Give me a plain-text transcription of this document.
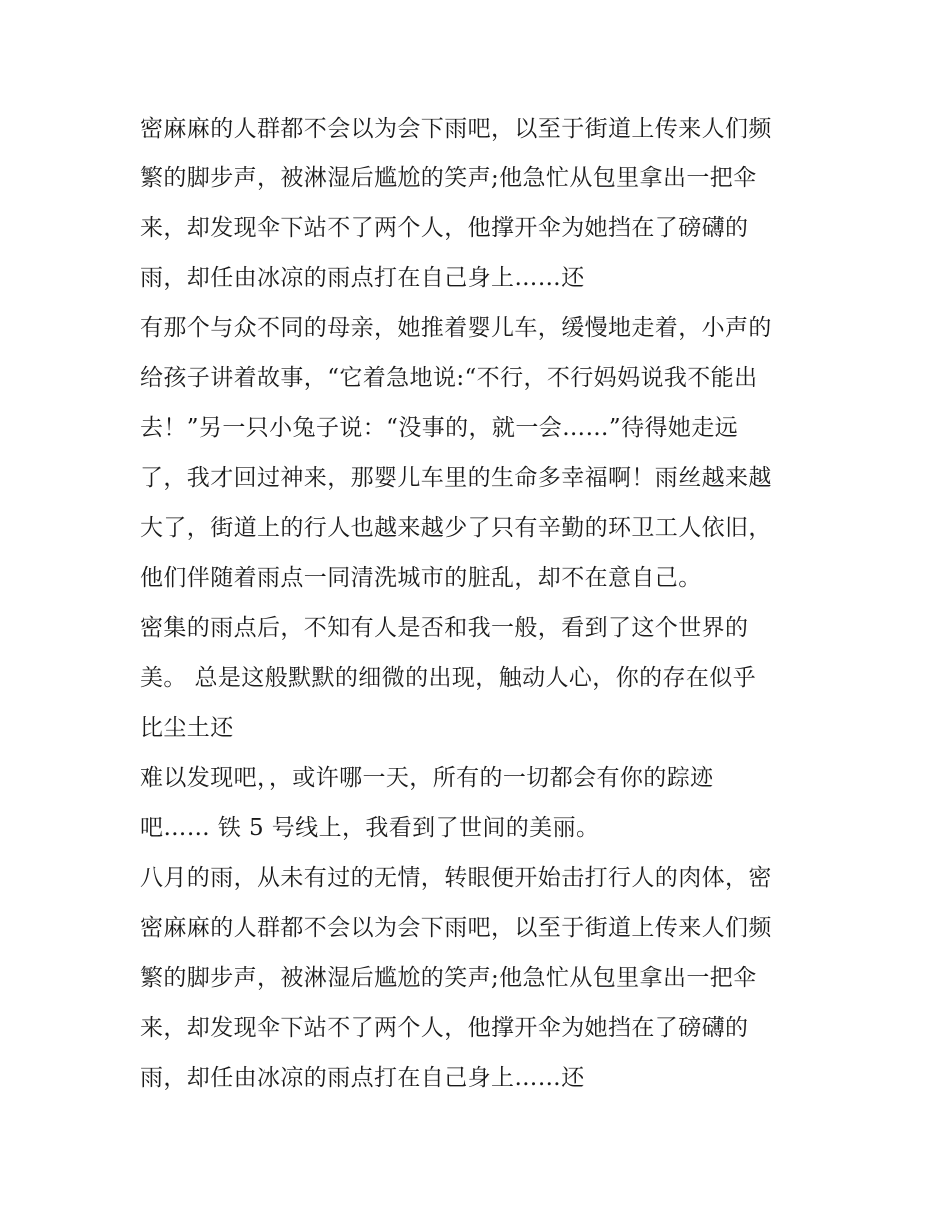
密麻麻的人群都不会以为会下雨吧，以至于街道上传来人们频
繁的脚步声，被淋湿后尴尬的笑声;他急忙从包里拿出一把伞
来，却发现伞下站不了两个人，他撑开伞为她挡在了磅礴的
雨，却任由冰凉的雨点打在自己身上……还
有那个与众不同的母亲，她推着婴儿车，缓慢地走着，小声的
给孩子讲着故事，“它着急地说:“不行，不行妈妈说我不能出
去！”另一只小兔子说：“没事的，就一会……”待得她走远
了，我才回过神来，那婴儿车里的生命多幸福啊！雨丝越来越
大了，街道上的行人也越来越少了只有辛勤的环卫工人依旧，
他们伴随着雨点一同清洗城市的脏乱，却不在意自己。
密集的雨点后，不知有人是否和我一般，看到了这个世界的
美。 总是这般默默的细微的出现，触动人心，你的存在似乎
比尘土还
难以发现吧，，或许哪一天，所有的一切都会有你的踪迹
吧…… 铁 5 号线上，我看到了世间的美丽。
八月的雨，从未有过的无情，转眼便开始击打行人的肉体，密
密麻麻的人群都不会以为会下雨吧，以至于街道上传来人们频
繁的脚步声，被淋湿后尴尬的笑声;他急忙从包里拿出一把伞
来，却发现伞下站不了两个人，他撑开伞为她挡在了磅礴的
雨，却任由冰凉的雨点打在自己身上……还
